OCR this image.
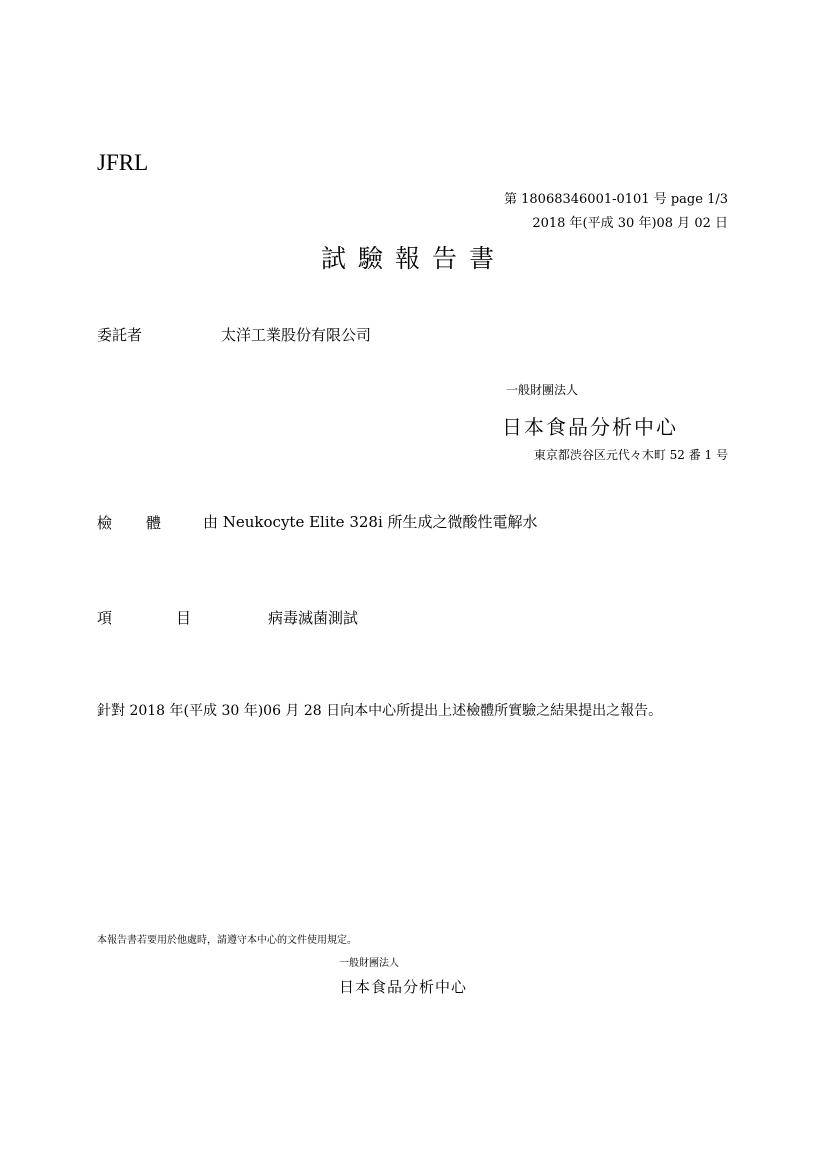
JFRL
第 18068346001-0101 号 page 1/3
2018 年(平成 30 年)08 月 02 日
試驗報告書
委託者	太洋工業股份有限公司
一般財團法人
日本食品分析中心
東京都渋谷区元代々木町 52 番 1 号
檢 體	由 Neukocyte Elite 328i 所生成之微酸性電解水
項	目	病毒滅菌測試
針對 2018 年(平成 30 年)06 月 28 日向本中心所提出上述檢體所實驗之結果提出之報告。
本報告書若要用於他處時，請遵守本中心的文件使用規定。
一般財團法人
日本食品分析中心
